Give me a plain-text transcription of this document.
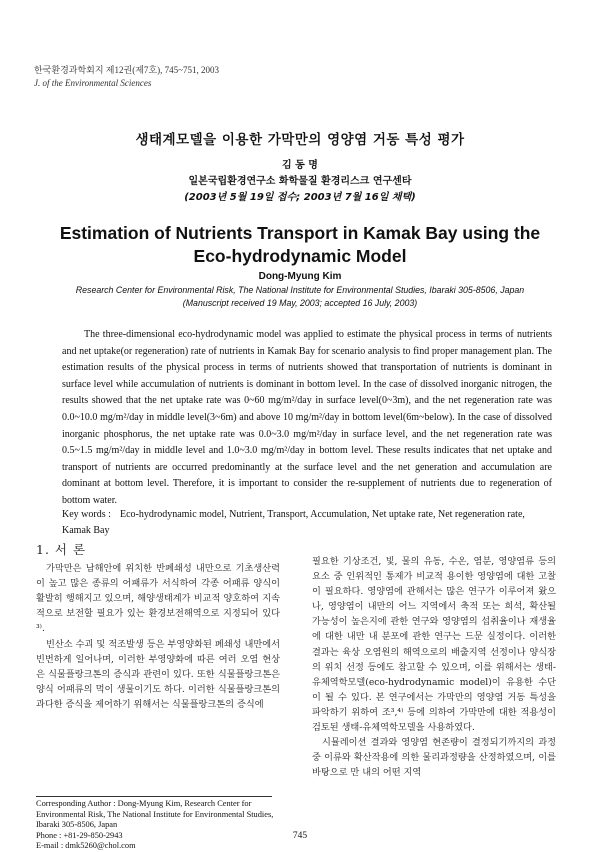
한국환경과학회지 제12권(제7호), 745~751, 2003
J. of the Environmental Sciences
생태계모델을 이용한 가막만의 영양염 거동 특성 평가
김 동 명
일본국립환경연구소 화학물질 환경리스크 연구센타
(2003년 5월 19일 접수; 2003년 7월 16일 채택)
Estimation of Nutrients Transport in Kamak Bay using the
Eco-hydrodynamic Model
Dong-Myung Kim
Research Center for Environmental Risk, The National Institute for Environmental Studies, Ibaraki 305-8506, Japan
(Manuscript received 19 May, 2003; accepted 16 July, 2003)

The three-dimensional eco-hydrodynamic model was applied to estimate the physical process in terms of nutrients and net uptake(or regeneration) rate of nutrients in Kamak Bay for scenario analysis to find proper management plan. The estimation results of the physical process in terms of nutrients showed that transportation of nutrients is dominant in surface level while accumulation of nutrients is dominant in bottom level. In the case of dissolved inorganic nitrogen, the results showed that the net uptake rate was 0~60 mg/m²/day in surface level(0~3m), and the net regeneration rate was 0.0~10.0 mg/m²/day in middle level(3~6m) and above 10 mg/m²/day in bottom level(6m~below). In the case of dissolved inorganic phosphorus, the net uptake rate was 0.0~3.0 mg/m²/day in surface level, and the net regeneration rate was 0.5~1.5 mg/m²/day in middle level and 1.0~3.0 mg/m²/day in bottom level. These results indicates that net uptake and transport of nutrients are occurred predominantly at the surface level and the net generation and accumulation are dominant at bottom level. Therefore, it is important to consider the re-supplement of nutrients due to regeneration of bottom water.

Key words : Eco-hydrodynamic model, Nutrient, Transport, Accumulation, Net uptake rate, Net regeneration rate, Kamak Bay
1. 서 론

가막만은 남해안에 위치한 반폐쇄성 내만으로 기초생산력이 높고 많은 종류의 어패류가 서식하여 각종 어패류 양식이 활발히 행해지고 있으며, 해양생태계가 비교적 양호하여 지속적으로 보전할 필요가 있는 환경보전해역으로 지정되어 있다³⁾.

빈산소 수괴 및 적조발생 등은 부영양화된 폐쇄성 내만에서 빈번하게 일어나며, 이러한 부영양화에 따른 여러 오염 현상은 식물플랑크톤의 증식과 관련이 있다. 또한 식물플랑크톤은 양식 어패류의 먹이 생물이기도 하다. 이러한 식물플랑크톤의 과다한 증식을 제어하기 위해서는 식물플랑크톤의 증식에

필요한 기상조건, 빛, 물의 유동, 수온, 염분, 영양염류 등의 요소 중 인위적인 통제가 비교적 용이한 영양염에 대한 고찰이 필요하다. 영양염에 관해서는 많은 연구가 이루어져 왔으나, 영양염이 내만의 어느 지역에서 축적 또는 희석, 확산될 가능성이 높은지에 관한 연구와 영양염의 섭취율이나 재생율에 대한 내만 내 분포에 관한 연구는 드문 실정이다. 이러한 결과는 육상 오염원의 해역으로의 배출지역 선정이나 양식장의 위치 선정 등에도 참고할 수 있으며, 이를 위해서는 생태-유체역학모델(eco-hydrodynamic model)이 유용한 수단이 될 수 있다. 본 연구에서는 가막만의 영양염 거동 특성을 파악하기 위하여 조³,⁴⁾ 등에 의하여 가막만에 대한 적용성이 검토된 생태-유체역학모델을 사용하였다.

시뮬레이션 결과와 영양염 현존량이 결정되기까지의 과정 중 이류와 확산작용에 의한 물리과정량을 산정하였으며, 이를 바탕으로 만 내의 어떤 지역

Corresponding Author : Dong-Myung Kim, Research Center for Environmental Risk, The National Institute for Environmental Studies, Ibaraki 305-8506, Japan
Phone : +81-29-850-2943
E-mail : dmk5260@chol.com
745
